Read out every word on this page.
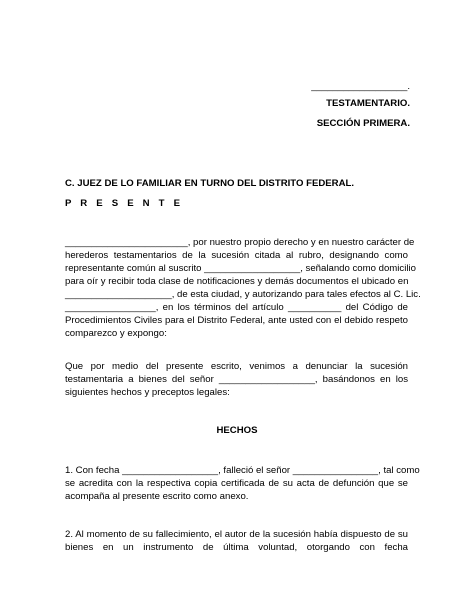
__________________.
TESTAMENTARIO.
SECCIÓN PRIMERA.
C. JUEZ DE LO FAMILIAR EN TURNO DEL DISTRITO FEDERAL.
P R E S E N T E
_______________________, por nuestro propio derecho y en nuestro carácter de
herederos testamentarios de la sucesión citada al rubro, designando como
representante común al suscrito __________________, señalando como domicilio
para oír y recibir toda clase de notificaciones y demás documentos el ubicado en
____________________, de esta ciudad, y autorizando para tales efectos al C. Lic.
_________________, en los términos del artículo __________ del Código de
Procedimientos Civiles para el Distrito Federal, ante usted con el debido respeto
comparezco y expongo:
Que por medio del presente escrito, venimos a denunciar la sucesión
testamentaria a bienes del señor __________________, basándonos en los
siguientes hechos y preceptos legales:
HECHOS
1. Con fecha __________________, falleció el señor ________________, tal como
se acredita con la respectiva copia certificada de su acta de defunción que se
acompaña al presente escrito como anexo.
2. Al momento de su fallecimiento, el autor de la sucesión había dispuesto de su
bienes en un instrumento de última voluntad, otorgando con fecha
